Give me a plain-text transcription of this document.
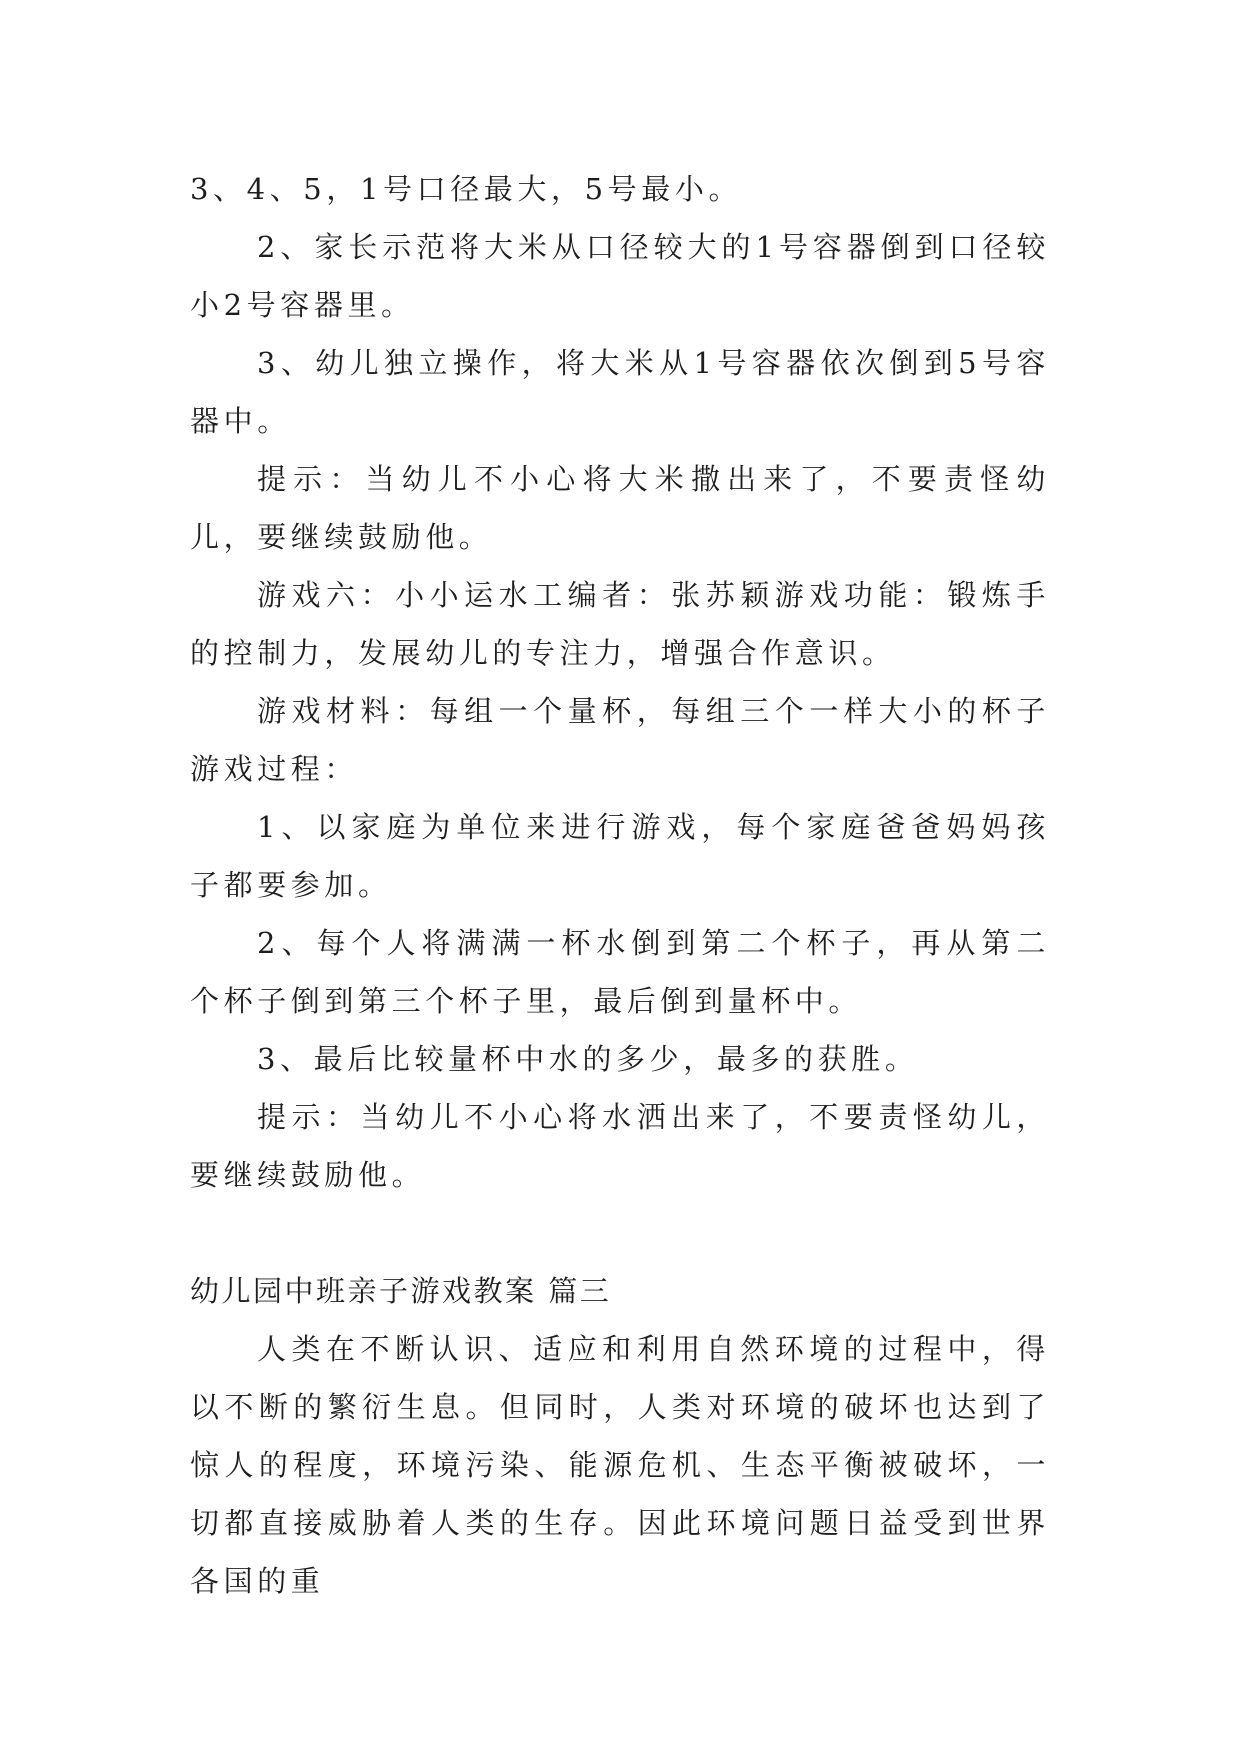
3、4、5，1号口径最大，5号最小。

2、家长示范将大米从口径较大的1号容器倒到口径较小2号容器里。

3、幼儿独立操作，将大米从1号容器依次倒到5号容器中。

提示：当幼儿不小心将大米撒出来了，不要责怪幼儿，要继续鼓励他。

游戏六：小小运水工编者：张苏颖游戏功能：锻炼手的控制力，发展幼儿的专注力，增强合作意识。

游戏材料：每组一个量杯，每组三个一样大小的杯子游戏过程：

1、以家庭为单位来进行游戏，每个家庭爸爸妈妈孩子都要参加。

2、每个人将满满一杯水倒到第二个杯子，再从第二个杯子倒到第三个杯子里，最后倒到量杯中。

3、最后比较量杯中水的多少，最多的获胜。

提示：当幼儿不小心将水洒出来了，不要责怪幼儿，要继续鼓励他。

幼儿园中班亲子游戏教案 篇三

人类在不断认识、适应和利用自然环境的过程中，得以不断的繁衍生息。但同时，人类对环境的破坏也达到了惊人的程度，环境污染、能源危机、生态平衡被破坏，一切都直接威胁着人类的生存。因此环境问题日益受到世界各国的重
